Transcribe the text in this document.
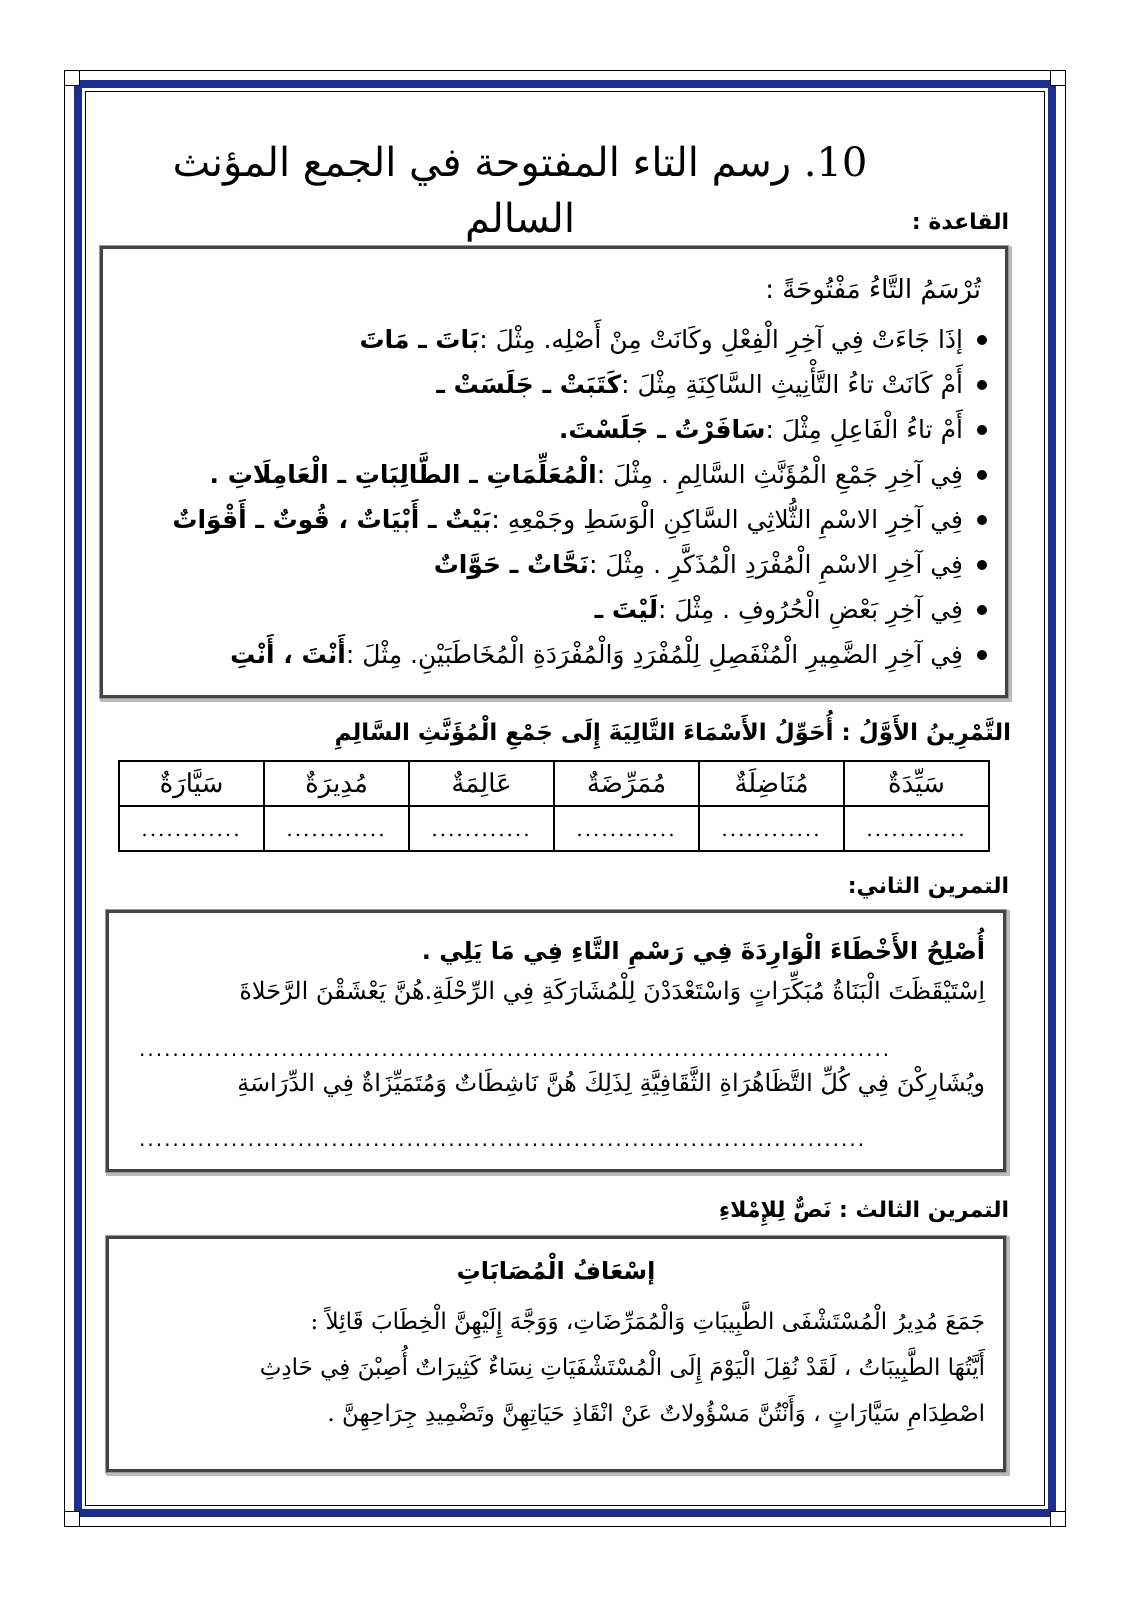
10. رسم التاء المفتوحة في الجمع المؤنث السالم	القاعدة :
تُرْسَمُ التَّاءُ مَفْتُوحَةً :
إذَا جَاءَتْ فِي آخِرِ الْفِعْلِ وكَانَتْ مِنْ أَصْلِه. مِثْلَ :
بَاتَ ـ مَاتَ
أَمْ كَانَتْ تاءُ التَّأْنِيثِ السَّاكِنَةِ مِثْلَ :
كَتَبَتْ ـ جَلَسَتْ ـ
أَمْ تاءُ الْفَاعِلِ مِثْلَ :
سَافَرْتُ ـ جَلَسْتَ.
فِي آخِرِ جَمْعِ الْمُؤَنَّثِ السَّالِمِ . مِثْلَ :
الْمُعَلِّمَاتِ ـ الطَّالِبَاتِ ـ الْعَامِلَاتِ .
فِي آخِرِ الاسْمِ الثُّلاثِي السَّاكِنِ الْوَسَطِ وجَمْعِهِ :
بَيْتٌ ـ أَبْيَاتٌ ، قُوتٌ ـ أَقْوَاتٌ
فِي آخِرِ الاسْمِ الْمُفْرَدِ الْمُذَكَّرِ . مِثْلَ :
نَحَّاتٌ ـ حَوَّاتٌ
فِي آخِرِ بَعْضِ الْحُرُوفِ . مِثْلَ :
لَيْتَ ـ
فِي آخِرِ الضَّمِيرِ الْمُنْفَصِلِ لِلْمُفْرَدِ وَالْمُفْرَدَةِ الْمُخَاطَبَيْنِ. مِثْلَ :
أَنْتَ ، أَنْتِ
التَّمْرِينُ الأَوَّلُ : أُحَوِّلُ الأَسْمَاءَ التَّالِيَةَ إِلَى جَمْعِ الْمُؤَنَّثِ السَّالِمِ
سَيِّدَةٌ	مُنَاضِلَةٌ	مُمَرِّضَةٌ	عَالِمَةٌ	مُدِيرَةٌ	سَيَّارَةٌ
............	............	............	............	............	............
التمرين الثاني:
أُصْلِحُ الأَخْطَاءَ الْوَارِدَةَ فِي رَسْمِ التَّاءِ فِي مَا يَلِي .
اِسْتَيْقَظَتَ الْبَنَاةُ مُبَكِّرَاتٍ وَاسْتَعْدَدْنَ لِلْمُشَارَكَةِ فِي الرِّحْلَةِ.هُنَّ يَعْشَقْنَ الرَّحَلاةَ
..........................................................................................
ويُشَارِكْنَ فِي كُلِّ التَّظَاهُرَاةِ الثَّقَافِيَّةِ لِذَلِكَ هُنَّ نَاشِطَاتٌ وَمُتَمَيِّزَاةٌ فِي الدِّرَاسَةِ
.......................................................................................
التمرين الثالث : نَصٌّ لِلإِمْلاءِ
إسْعَافُ الْمُصَابَاتِ
جَمَعَ مُدِيرُ الْمُسْتَشْفَى الطَّبِيبَاتِ وَالْمُمَرِّضَاتِ، وَوَجَّهَ إِلَيْهِنَّ الْخِطَابَ قَائِلاً :
أَيَّتُهَا الطَّبِيبَاتُ ، لَقَدْ نُقِلَ الْيَوْمَ إِلَى الْمُسْتَشْفَيَاتِ نِسَاءٌ كَثِيرَاتٌ أُصِبْنَ فِي حَادِثِ
اصْطِدَامِ سَيَّارَاتٍ ، وَأَنْتُنَّ مَسْؤُولاتٌ عَنْ انْقَاذِ حَيَاتِهِنَّ وتَضْمِيدِ جِرَاحِهِنَّ .
